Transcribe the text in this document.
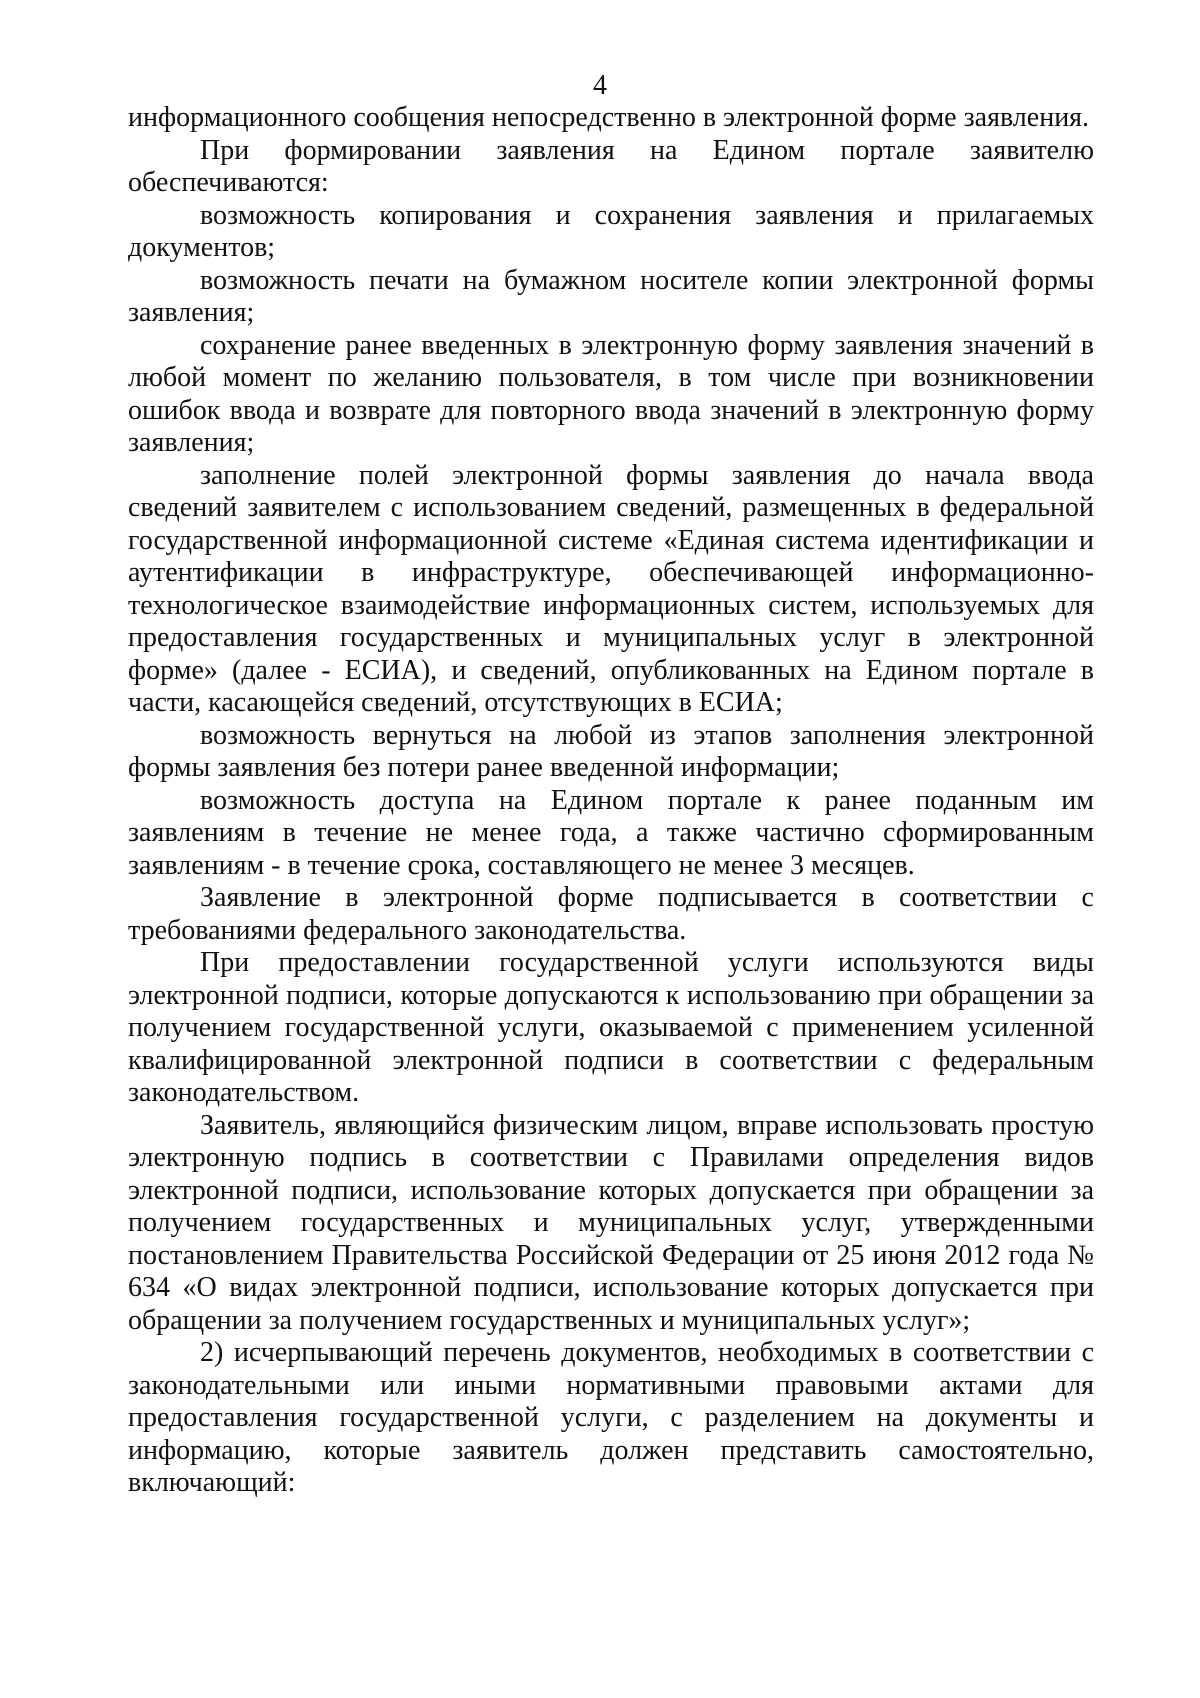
4

информационного сообщения непосредственно в электронной форме заявления.

При формировании заявления на Едином портале заявителю обеспечиваются:

возможность копирования и сохранения заявления и прилагаемых документов;

возможность печати на бумажном носителе копии электронной формы заявления;

сохранение ранее введенных в электронную форму заявления значений в любой момент по желанию пользователя, в том числе при возникновении ошибок ввода и возврате для повторного ввода значений в электронную форму заявления;

заполнение полей электронной формы заявления до начала ввода сведений заявителем с использованием сведений, размещенных в федеральной государственной информационной системе «Единая система идентификации и аутентификации в инфраструктуре, обеспечивающей информационно-технологическое взаимодействие информационных систем, используемых для предоставления государственных и муниципальных услуг в электронной форме» (далее - ЕСИА), и сведений, опубликованных на Едином портале в части, касающейся сведений, отсутствующих в ЕСИА;

возможность вернуться на любой из этапов заполнения электронной формы заявления без потери ранее введенной информации;

возможность доступа на Едином портале к ранее поданным им заявлениям в течение не менее года, а также частично сформированным заявлениям - в течение срока, составляющего не менее 3 месяцев.

Заявление в электронной форме подписывается в соответствии с требованиями федерального законодательства.

При предоставлении государственной услуги используются виды электронной подписи, которые допускаются к использованию при обращении за получением государственной услуги, оказываемой с применением усиленной квалифицированной электронной подписи в соответствии с федеральным законодательством.

Заявитель, являющийся физическим лицом, вправе использовать простую электронную подпись в соответствии с Правилами определения видов электронной подписи, использование которых допускается при обращении за получением государственных и муниципальных услуг, утвержденными постановлением Правительства Российской Федерации от 25 июня 2012 года № 634 «О видах электронной подписи, использование которых допускается при обращении за получением государственных и муниципальных услуг»;

2) исчерпывающий перечень документов, необходимых в соответствии с законодательными или иными нормативными правовыми актами для предоставления государственной услуги, с разделением на документы и информацию, которые заявитель должен представить самостоятельно, включающий:
